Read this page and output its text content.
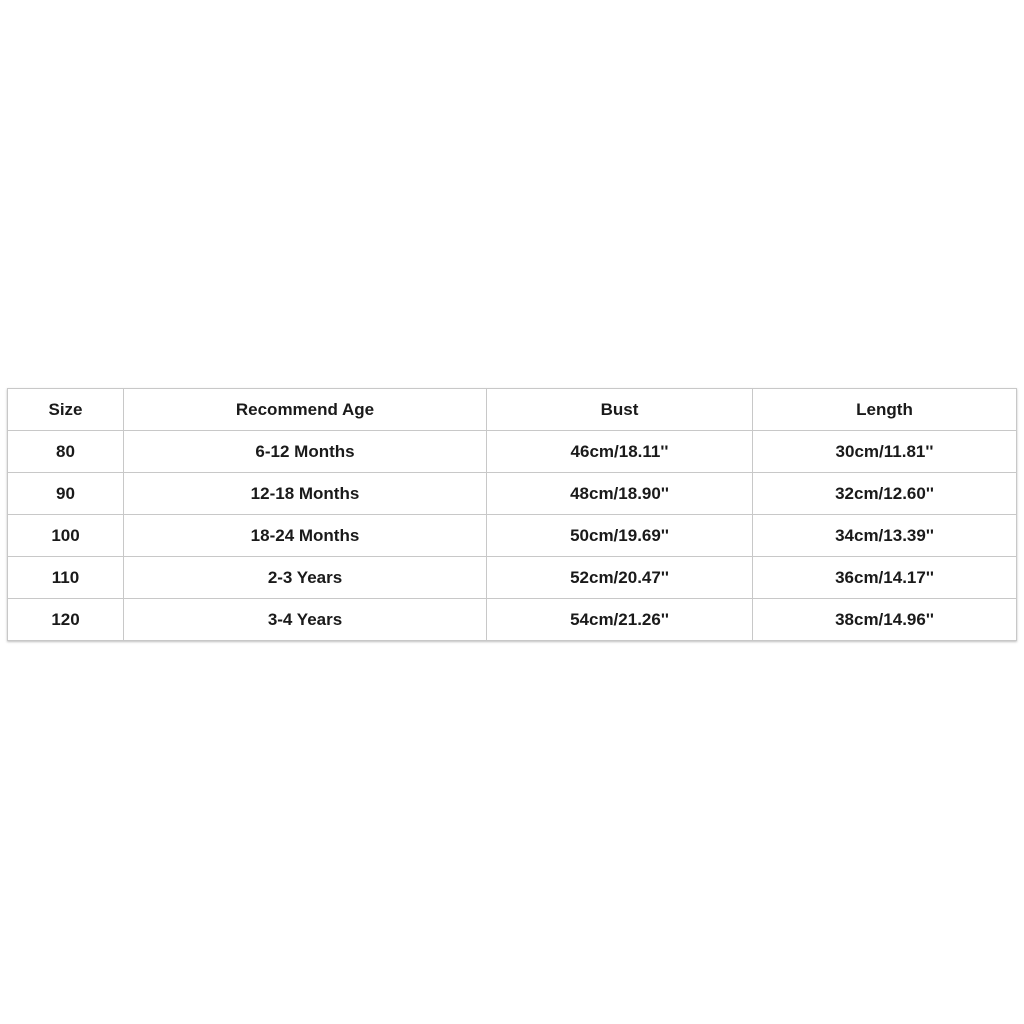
Size	Recommend Age	Bust	Length
80	6-12 Months	46cm/18.11''	30cm/11.81''
90	12-18 Months	48cm/18.90''	32cm/12.60''
100	18-24 Months	50cm/19.69''	34cm/13.39''
110	2-3 Years	52cm/20.47''	36cm/14.17''
120	3-4 Years	54cm/21.26''	38cm/14.96''
